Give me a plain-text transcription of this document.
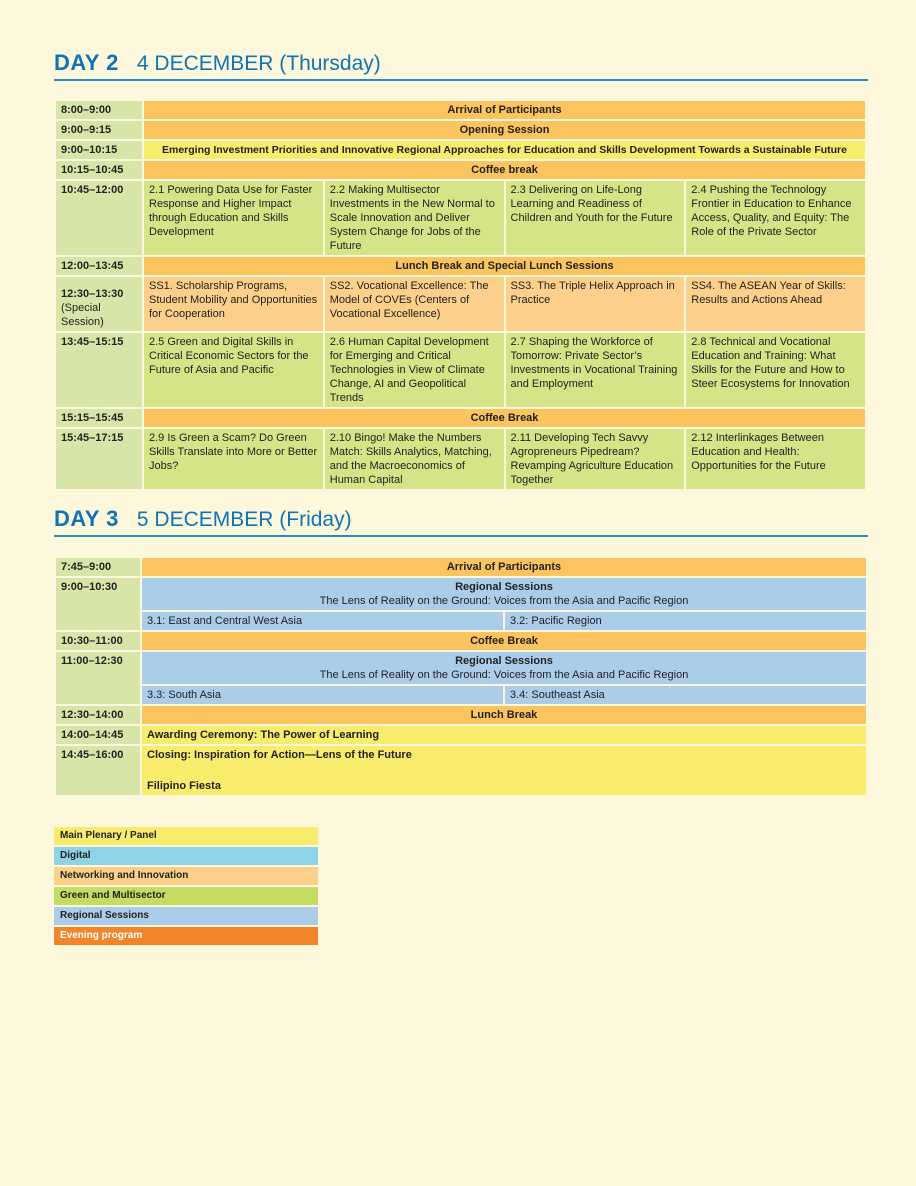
DAY 2 4 DECEMBER (Thursday)
8:00–9:00	Arrival of Participants			
9:00–9:15	Opening Session			
9:00–10:15	Emerging Investment Priorities and Innovative Regional Approaches for Education and Skills Development Towards a Sustainable Future			
10:15–10:45	Coffee break			
10:45–12:00	2.1 Powering Data Use for Faster Response and Higher Impact through Education and Skills Development	2.2 Making Multisector Investments in the New Normal to Scale Innovation and Deliver System Change for Jobs of the Future	2.3 Delivering on Life-Long Learning and Readiness of Children and Youth for the Future	2.4 Pushing the Technology Frontier in Education to Enhance Access, Quality, and Equity: The Role of the Private Sector
12:00–13:45	Lunch Break and Special Lunch Sessions			
12:30–13:30
(Special Session)	SS1. Scholarship Programs, Student Mobility and Opportunities for Cooperation	SS2. Vocational Excellence: The Model of COVEs (Centers of Vocational Excellence)	SS3. The Triple Helix Approach in Practice	SS4. The ASEAN Year of Skills: Results and Actions Ahead
13:45–15:15	2.5 Green and Digital Skills in Critical Economic Sectors for the Future of Asia and Pacific	2.6 Human Capital Development for Emerging and Critical Technologies in View of Climate Change, AI and Geopolitical Trends	2.7 Shaping the Workforce of Tomorrow: Private Sector’s Investments in Vocational Training and Employment	2.8 Technical and Vocational Education and Training: What Skills for the Future and How to Steer Ecosystems for Innovation
15:15–15:45	Coffee Break			
15:45–17:15	2.9 Is Green a Scam? Do Green Skills Translate into More or Better Jobs?	2.10 Bingo! Make the Numbers Match: Skills Analytics, Matching, and the Macroeconomics of Human Capital	2.11 Developing Tech Savvy Agropreneurs Pipedream? Revamping Agriculture Education Together	2.12 Interlinkages Between Education and Health: Opportunities for the Future
DAY 3 5 DECEMBER (Friday)
7:45–9:00	Arrival of Participants	
9:00–10:30	Regional Sessions
The Lens of Reality on the Ground: Voices from the Asia and Pacific Region	

	3.1: East and Central West Asia	3.2: Pacific Region
10:30–11:00	Coffee Break	
11:00–12:30	Regional Sessions
The Lens of Reality on the Ground: Voices from the Asia and Pacific Region	

	3.3: South Asia	3.4: Southeast Asia
12:30–14:00	Lunch Break	
14:00–14:45	Awarding Ceremony: The Power of Learning	
14:45–16:00	Closing: Inspiration for Action—Lens of the Future
Filipino Fiesta	
Main Plenary / Panel
Digital
Networking and Innovation
Green and Multisector
Regional Sessions
Evening program
